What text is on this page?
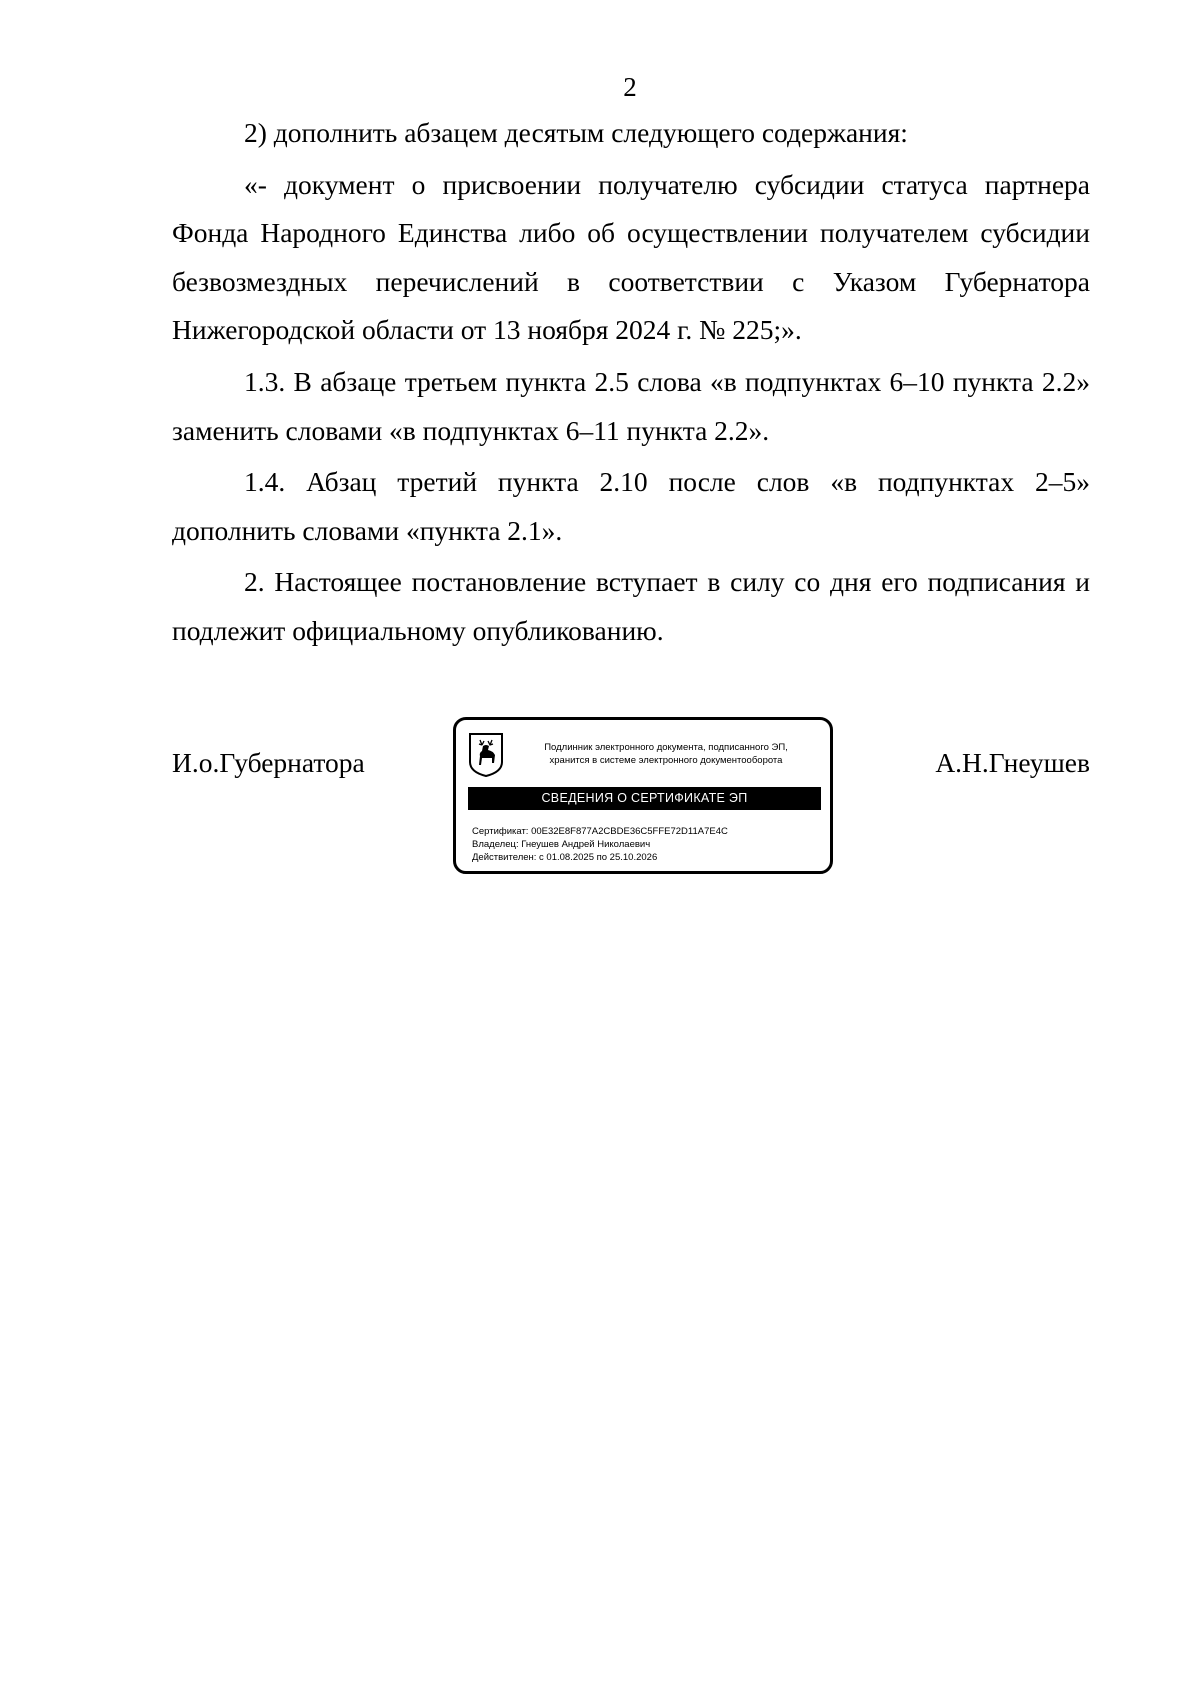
2

2) дополнить абзацем десятым следующего содержания:

«- документ о присвоении получателю субсидии статуса партнера Фонда Народного Единства либо об осуществлении получателем субсидии безвозмездных перечислений в соответствии с Указом Губернатора Нижегородской области от 13 ноября 2024 г. № 225;».

1.3. В абзаце третьем пункта 2.5 слова «в подпунктах 6–10 пункта 2.2» заменить словами «в подпунктах 6–11 пункта 2.2».

1.4. Абзац третий пункта 2.10 после слов «в подпунктах 2–5» дополнить словами «пункта 2.1».

2. Настоящее постановление вступает в силу со дня его подписания и подлежит официальному опубликованию.

И.о.Губернатора	Подлинник электронного документа, подписанного ЭП,
хранится в системе электронного документооборота
СВЕДЕНИЯ О СЕРТИФИКАТЕ ЭП
Сертификат: 00E32E8F877A2CBDE36C5FFE72D11A7E4C
Владелец: Гнеушев Андрей Николаевич
Действителен: с 01.08.2025 по 25.10.2026
А.Н.Гнеушев
